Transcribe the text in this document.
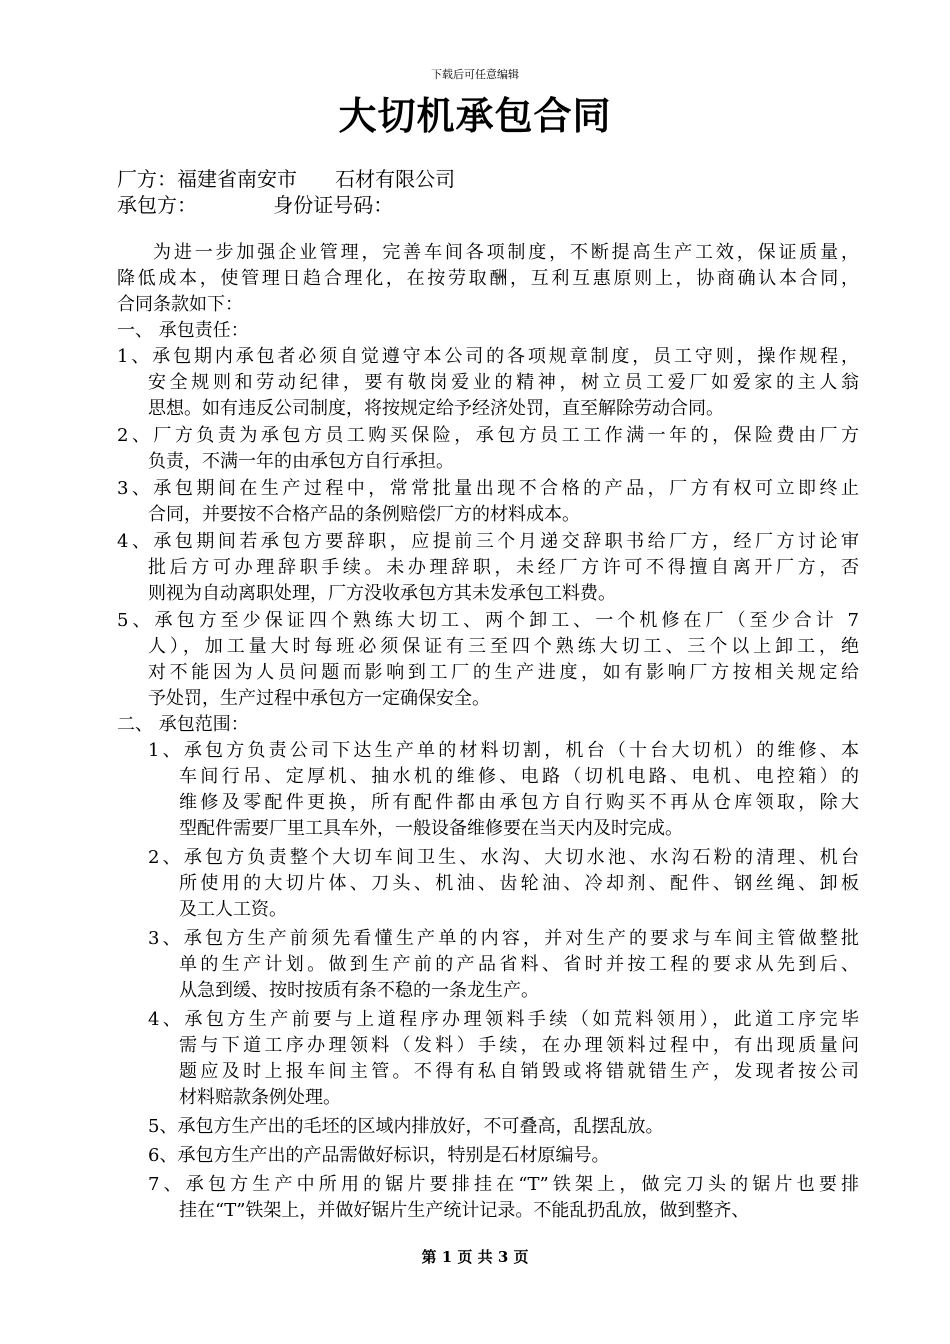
下载后可任意编辑
大切机承包合同
厂方：福建省南安市      石材有限公司
承包方：            身份证号码：
为进一步加强企业管理，完善车间各项制度，不断提高生产工效，保证质量，
降低成本，使管理日趋合理化，在按劳取酬，互利互惠原则上，协商确认本合同，
合同条款如下：
一、 承包责任：
1、承包期内承包者必须自觉遵守本公司的各项规章制度，员工守则，操作规程，
安全规则和劳动纪律，要有敬岗爱业的精神，树立员工爱厂如爱家的主人翁
思想。如有违反公司制度，将按规定给予经济处罚，直至解除劳动合同。
2、厂方负责为承包方员工购买保险，承包方员工工作满一年的，保险费由厂方
负责，不满一年的由承包方自行承担。
3、承包期间在生产过程中，常常批量出现不合格的产品，厂方有权可立即终止
合同，并要按不合格产品的条例赔偿厂方的材料成本。
4、承包期间若承包方要辞职，应提前三个月递交辞职书给厂方，经厂方讨论审
批后方可办理辞职手续。未办理辞职，未经厂方许可不得擅自离开厂方，否
则视为自动离职处理，厂方没收承包方其未发承包工料费。
5、承包方至少保证四个熟练大切工、两个卸工、一个机修在厂（至少合计 7
人），加工量大时每班必须保证有三至四个熟练大切工、三个以上卸工，绝
对不能因为人员问题而影响到工厂的生产进度，如有影响厂方按相关规定给
予处罚，生产过程中承包方一定确保安全。
二、 承包范围：
1、承包方负责公司下达生产单的材料切割，机台（十台大切机）的维修、本
车间行吊、定厚机、抽水机的维修、电路（切机电路、电机、电控箱）的
维修及零配件更换，所有配件都由承包方自行购买不再从仓库领取，除大
型配件需要厂里工具车外，一般设备维修要在当天内及时完成。
2、承包方负责整个大切车间卫生、水沟、大切水池、水沟石粉的清理、机台
所使用的大切片体、刀头、机油、齿轮油、冷却剂、配件、钢丝绳、卸板
及工人工资。
3、承包方生产前须先看懂生产单的内容，并对生产的要求与车间主管做整批
单的生产计划。做到生产前的产品省料、省时并按工程的要求从先到后、
从急到缓、按时按质有条不稳的一条龙生产。
4、承包方生产前要与上道程序办理领料手续（如荒料领用），此道工序完毕
需与下道工序办理领料（发料）手续，在办理领料过程中，有出现质量问
题应及时上报车间主管。不得有私自销毁或将错就错生产，发现者按公司
材料赔款条例处理。
5、承包方生产出的毛坯的区域内排放好，不可叠高，乱摆乱放。
6、承包方生产出的产品需做好标识，特别是石材原编号。
7、承包方生产中所用的锯片要排挂在“T”铁架上，做完刀头的锯片也要排
挂在“T”铁架上，并做好锯片生产统计记录。不能乱扔乱放，做到整齐、
第 1 页 共 3 页
